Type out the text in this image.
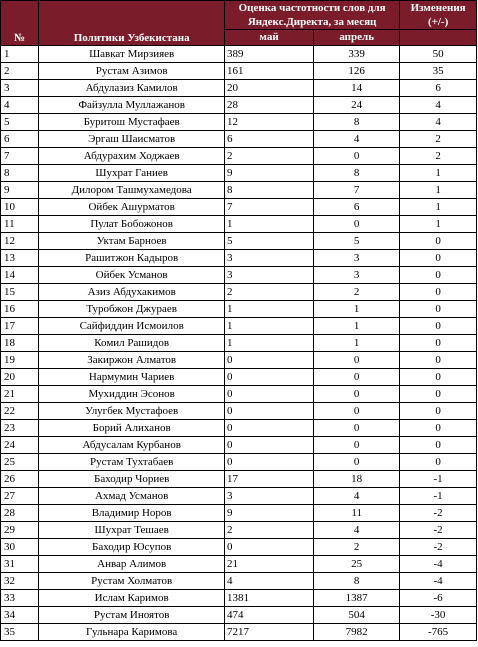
№	Политики Узбекистана	Оценка частотности слов для Яндекс.Директа, за месяц		Изменения (+/-)

		май	апрель	
1	Шавкат Мирзияев	389	339	50
2	Рустам Азимов	161	126	35
3	Абдулазиз Камилов	20	14	6
4	Файзулла Муллажанов	28	24	4
5	Буритош Мустафаев	12	8	4
6	Эргаш Шаисматов	6	4	2
7	Абдурахим Ходжаев	2	0	2
8	Шухрат Ганиев	9	8	1
9	Дилором Ташмухамедова	8	7	1
10	Ойбек Ашурматов	7	6	1
11	Пулат Бобожонов	1	0	1
12	Уктам Барноев	5	5	0
13	Рашитжон Кадыров	3	3	0
14	Ойбек Усманов	3	3	0
15	Азиз Абдухакимов	2	2	0
16	Туробжон Джураев	1	1	0
17	Сайфиддин Исмоилов	1	1	0
18	Комил Рашидов	1	1	0
19	Закиржон Алматов	0	0	0
20	Нармумин Чариев	0	0	0
21	Мухиддин Эсонов	0	0	0
22	Улугбек Мустафоев	0	0	0
23	Борий Алиханов	0	0	0
24	Абдусалам Курбанов	0	0	0
25	Рустам Тухтабаев	0	0	0
26	Баходир Чориев	17	18	-1
27	Ахмад Усманов	3	4	-1
28	Владимир Норов	9	11	-2
29	Шухрат Тешаев	2	4	-2
30	Баходир Юсупов	0	2	-2
31	Анвар Алимов	21	25	-4
32	Рустам Холматов	4	8	-4
33	Ислам Каримов	1381	1387	-6
34	Рустам Иноятов	474	504	-30
35	Гульнара Каримова	7217	7982	-765
